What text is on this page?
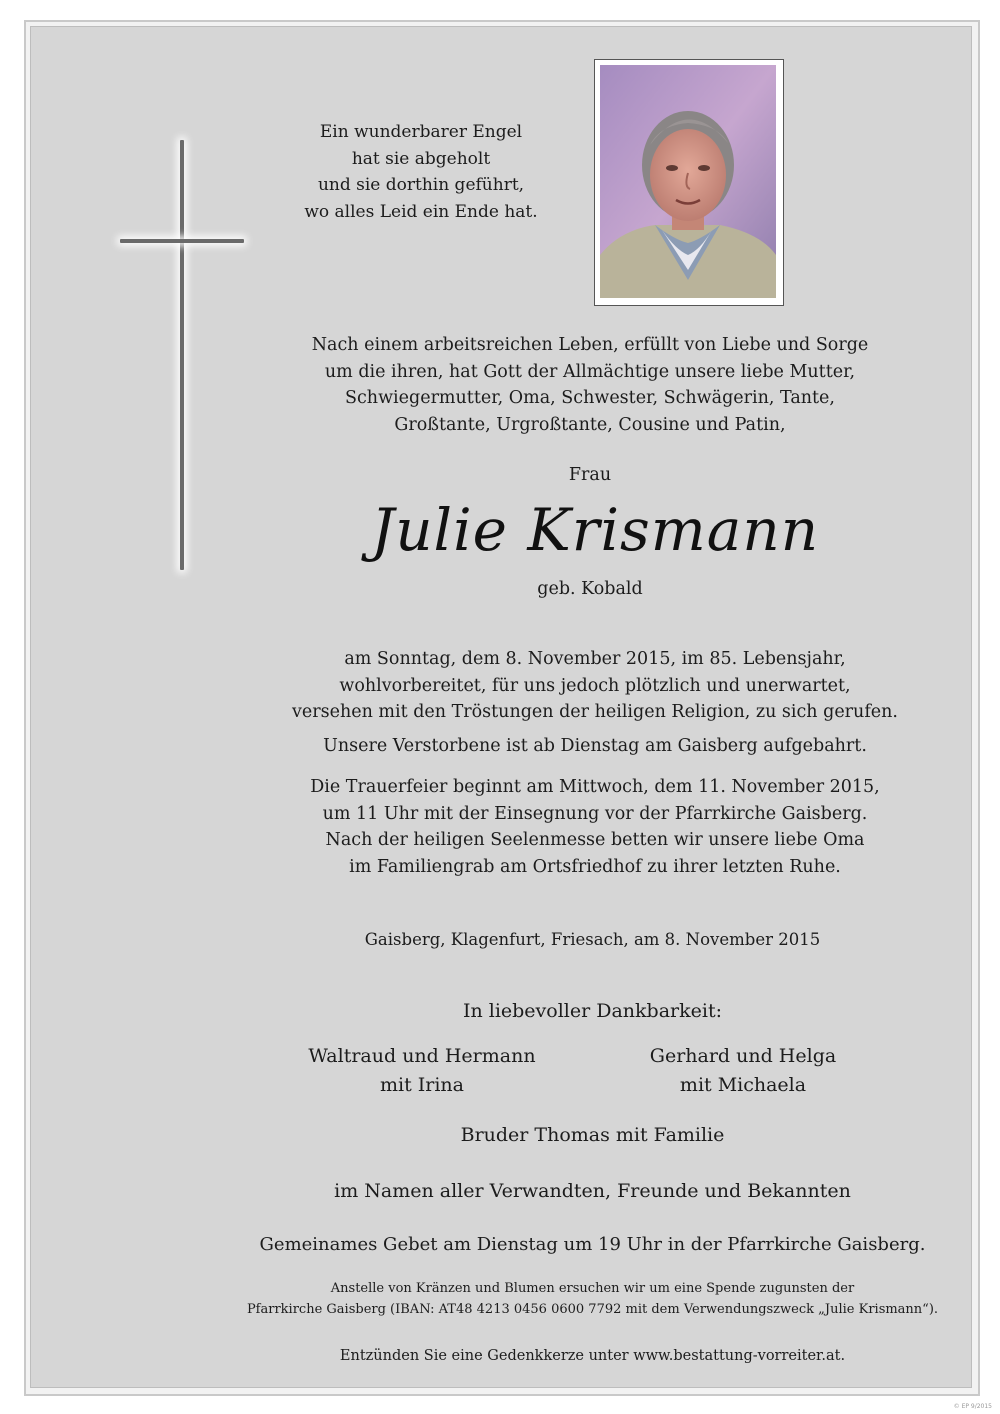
Ein wunderbarer Engel
hat sie abgeholt
und sie dorthin geführt,
wo alles Leid ein Ende hat.
Nach einem arbeitsreichen Leben, erfüllt von Liebe und Sorge
um die ihren, hat Gott der Allmächtige unsere liebe Mutter,
Schwiegermutter, Oma, Schwester, Schwägerin, Tante,
Großtante, Urgroßtante, Cousine und Patin,
Frau
Julie Krismann
geb. Kobald
am Sonntag, dem 8. November 2015, im 85. Lebensjahr,
wohlvorbereitet, für uns jedoch plötzlich und unerwartet,
versehen mit den Tröstungen der heiligen Religion, zu sich gerufen.
Unsere Verstorbene ist ab Dienstag am Gaisberg aufgebahrt.
Die Trauerfeier beginnt am Mittwoch, dem 11. November 2015,
um 11 Uhr mit der Einsegnung vor der Pfarrkirche Gaisberg.
Nach der heiligen Seelenmesse betten wir unsere liebe Oma
im Familiengrab am Ortsfriedhof zu ihrer letzten Ruhe.
Gaisberg, Klagenfurt, Friesach, am 8. November 2015
In liebevoller Dankbarkeit:
Waltraud und Hermann
mit Irina
Gerhard und Helga
mit Michaela
Bruder Thomas mit Familie
im Namen aller Verwandten, Freunde und Bekannten
Gemeinames Gebet am Dienstag um 19 Uhr in der Pfarrkirche Gaisberg.
Anstelle von Kränzen und Blumen ersuchen wir um eine Spende zugunsten der
Pfarrkirche Gaisberg (IBAN: AT48 4213 0456 0600 7792 mit dem Verwendungszweck „Julie Krismann“).
Entzünden Sie eine Gedenkkerze unter www.bestattung-vorreiter.at.
© EP 9/2015
